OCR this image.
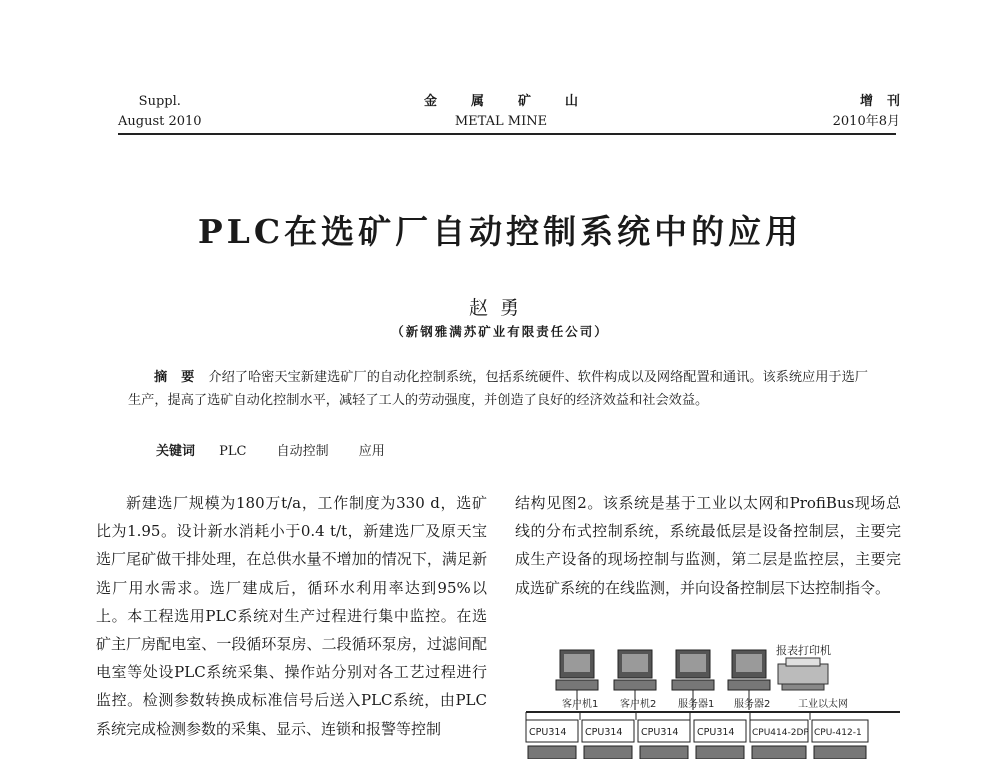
Suppl.
August 2010
金属矿山
METAL MINE
增刊
2010年8月
PLC在选矿厂自动控制系统中的应用
赵勇
（新钢雅满苏矿业有限责任公司）
摘要介绍了哈密天宝新建选矿厂的自动化控制系统，包括系统硬件、软件构成以及网络配置和通讯。该系统应用于选厂生产，提高了选矿自动化控制水平，减轻了工人的劳动强度，并创造了良好的经济效益和社会效益。
关键词 PLC 自动控制 应用
新建选厂规模为180万t/a，工作制度为330 d，选矿比为1.95。设计新水消耗小于0.4 t/t，新建选厂及原天宝选厂尾矿做干排处理，在总供水量不增加的情况下，满足新选厂用水需求。选厂建成后，循环水利用率达到95%以上。本工程选用PLC系统对生产过程进行集中监控。在选矿主厂房配电室、一段循环泵房、二段循环泵房，过滤间配电室等处设PLC系统采集、操作站分别对各工艺过程进行监控。检测参数转换成标准信号后送入PLC系统，由PLC系统完成检测参数的采集、显示、连锁和报警等控制
结构见图2。该系统是基于工业以太网和ProfiBus现场总线的分布式控制系统，系统最低层是设备控制层，主要完成生产设备的现场控制与监测，第二层是监控层，主要完成选矿系统的在线监测，并向设备控制层下达控制指令。
报表打印机
客户机1 客户机2 服务器1 服务器2	工业以太网
CPU314 CPU314 CPU314 CPU314 CPU414-2DP CPU-412-1
